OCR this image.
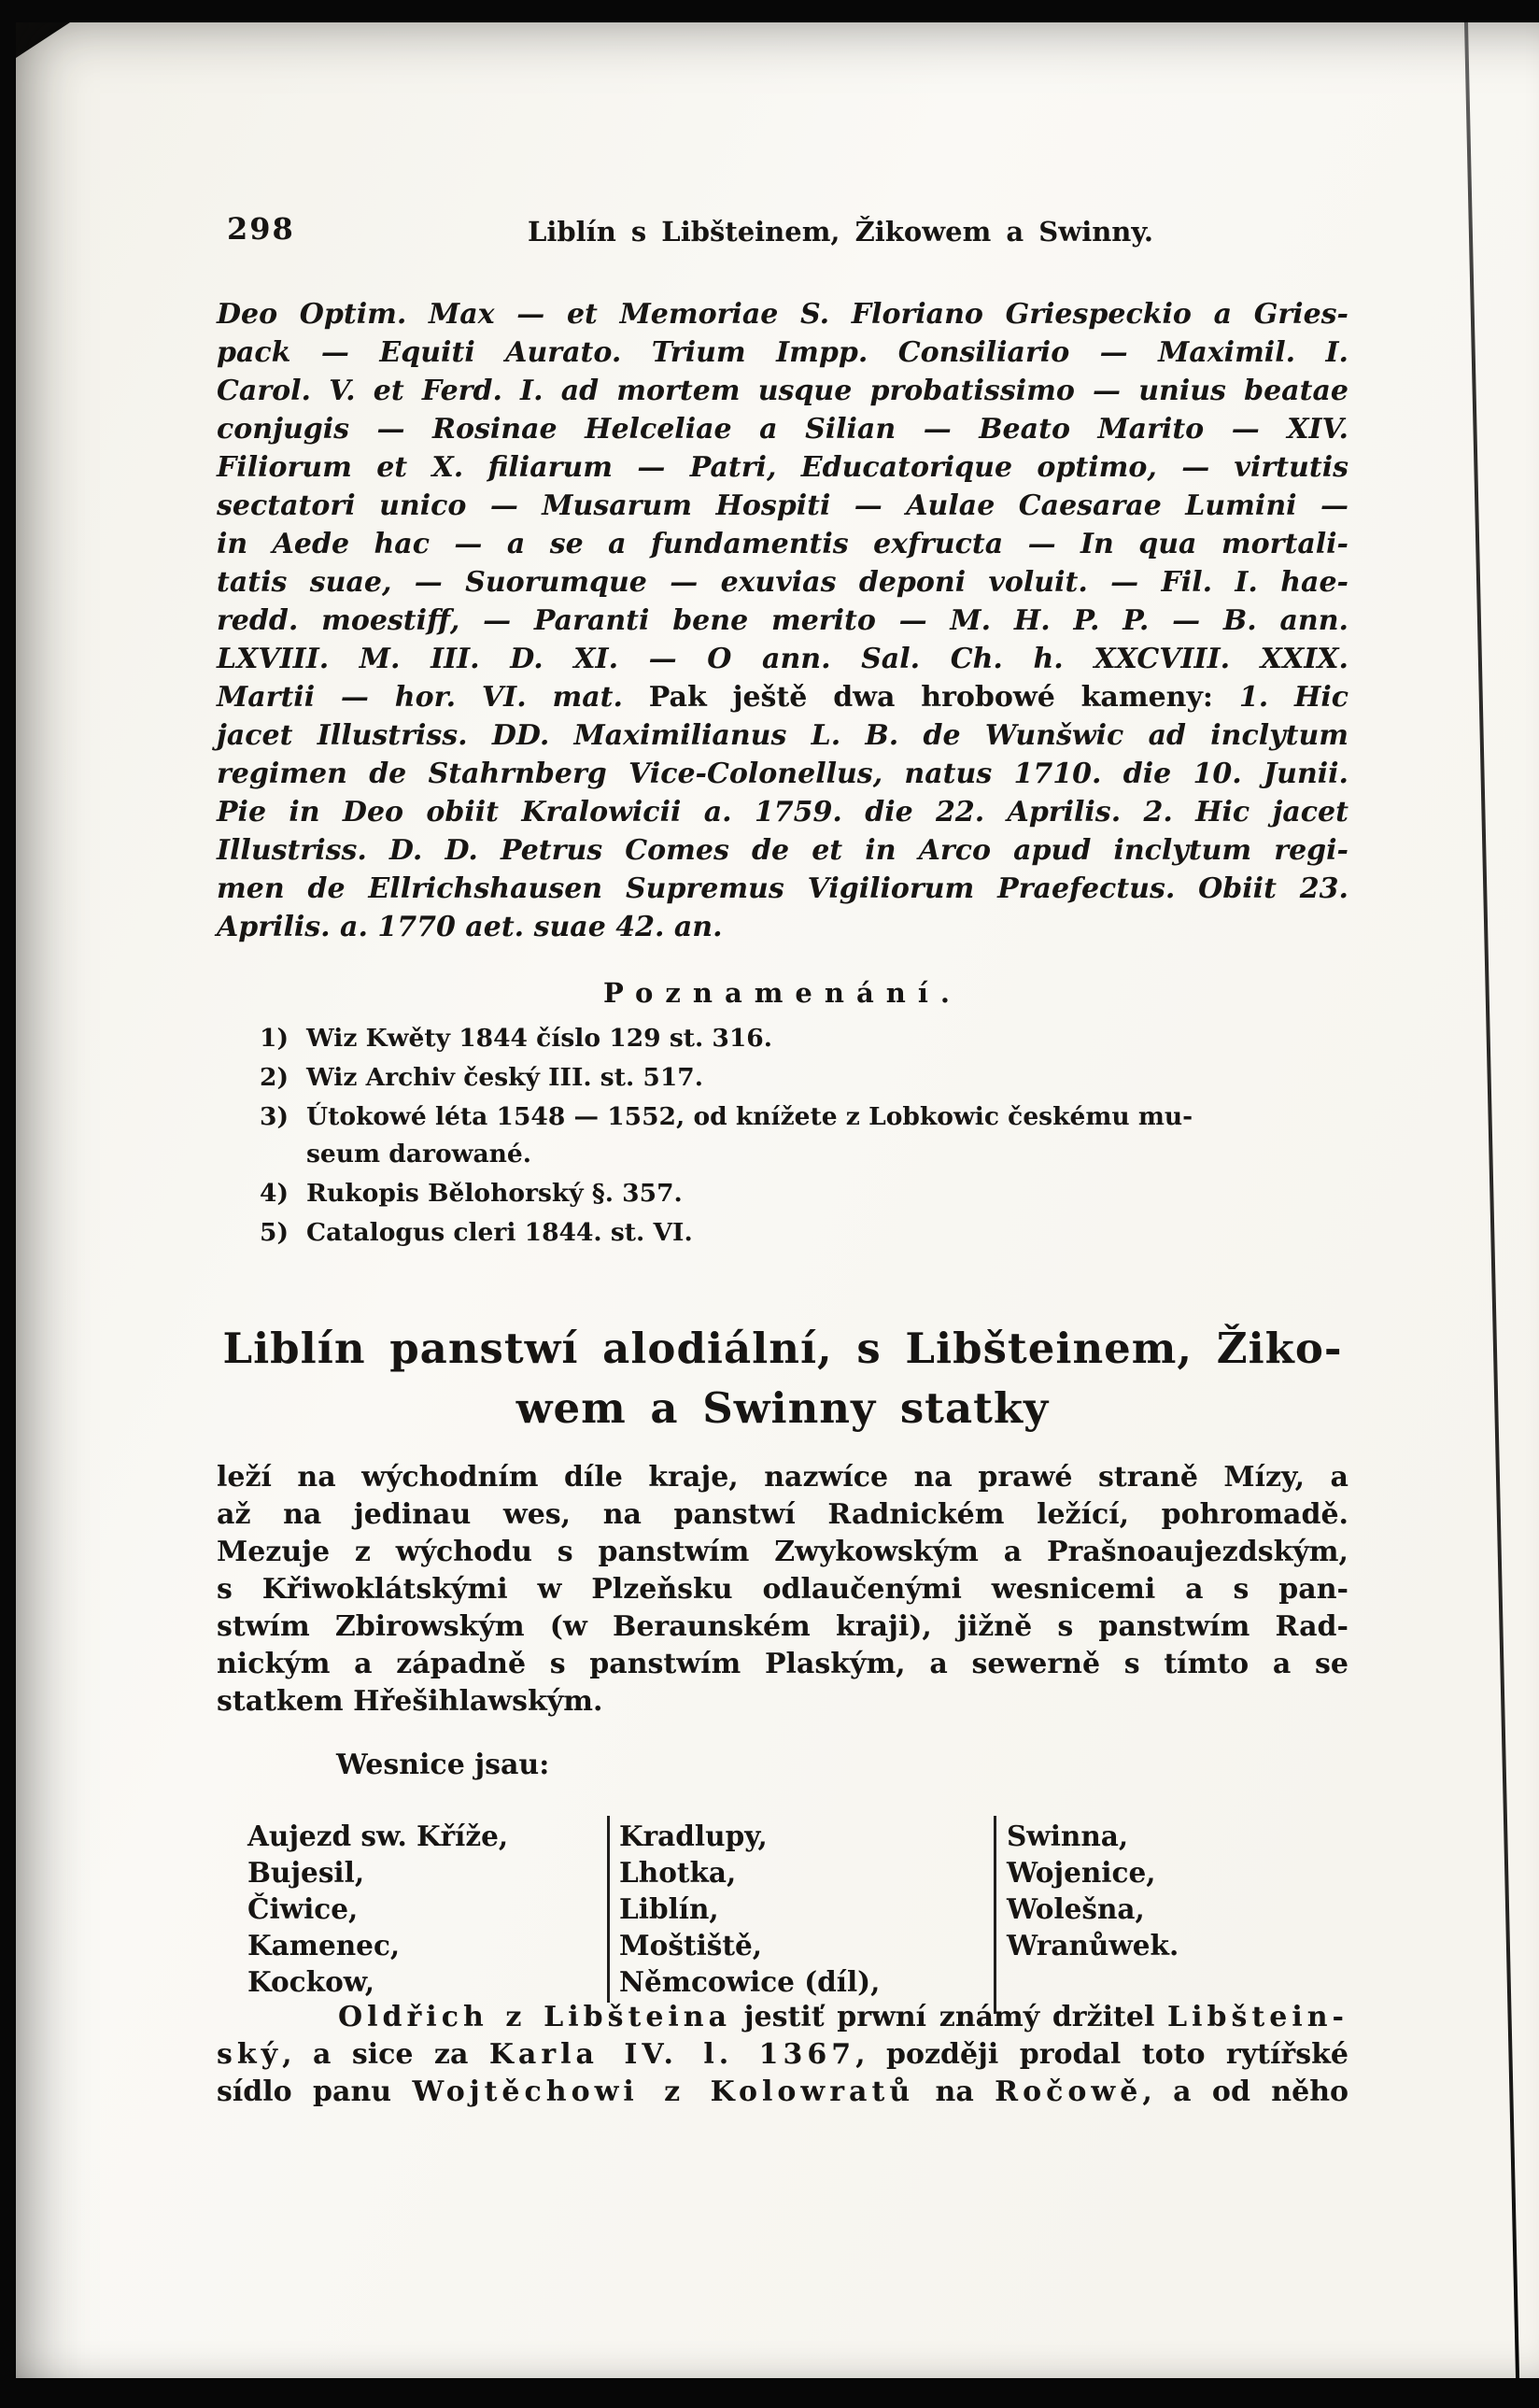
298	Liblín s Libšteinem, Žikowem a Swinny.
Deo Optim. Max — et Memoriae S. Floriano Griespeckio a Gries-
pack — Equiti Aurato. Trium Impp. Consiliario — Maximil. I.
Carol. V. et Ferd. I. ad mortem usque probatissimo — unius beatae
conjugis — Rosinae Helceliae a Silian — Beato Marito — XIV.
Filiorum et X. filiarum — Patri, Educatorique optimo, — virtutis
sectatori unico — Musarum Hospiti — Aulae Caesarae Lumini —
in Aede hac — a se a fundamentis exfructa — In qua mortali-
tatis suae, — Suorumque — exuvias deponi voluit. — Fil. I. hae-
redd. moestiff, — Paranti bene merito — M. H. P. P. — B. ann.
LXVIII. M. III. D. XI. — O ann. Sal. Ch. h. XXCVIII. XXIX.
Martii — hor. VI. mat. Pak ještě dwa hrobowé kameny: 1. Hic
jacet Illustriss. DD. Maximilianus L. B. de Wunšwic ad inclytum
regimen de Stahrnberg Vice-Colonellus, natus 1710. die 10. Junii.
Pie in Deo obiit Kralowicii a. 1759. die 22. Aprilis. 2. Hic jacet
Illustriss. D. D. Petrus Comes de et in Arco apud inclytum regi-
men de Ellrichshausen Supremus Vigiliorum Praefectus. Obiit 23.
Aprilis. a. 1770 aet. suae 42. an.
Poznamenání.
1) Wiz Kwěty 1844 číslo 129 st. 316.
2) Wiz Archiv český III. st. 517.
3) Útokowé léta 1548 — 1552, od knížete z Lobkowic českému mu-
seum darowané.
4) Rukopis Bělohorský §. 357.
5) Catalogus cleri 1844. st. VI.
Liblín panstwí alodiální, s Libšteinem, Žiko-
wem a Swinny statky
leží na wýchodním díle kraje, nazwíce na prawé straně Mízy, a
až na jedinau wes, na panstwí Radnickém ležící, pohromadě.
Mezuje z wýchodu s panstwím Zwykowským a Prašnoaujezdským,
s Křiwoklátskými w Plzeňsku odlaučenými wesnicemi a s pan-
stwím Zbirowským (w Beraunském kraji), jižně s panstwím Rad-
nickým a západně s panstwím Plaským, a sewerně s tímto a se
statkem Hřešihlawským.
Wesnice jsau:
Aujezd sw. Kříže,
Bujesil,
Čiwice,
Kamenec,
Kockow,
Kradlupy,
Lhotka,
Liblín,
Moštiště,
Němcowice (díl),
Swinna,
Wojenice,
Wolešna,
Wranůwek.
Oldřich z Libšteina jestiť prwní známý držitel Libštein-
ský, a sice za Karla IV. l. 1367, později prodal toto rytířské
sídlo panu Wojtěchowi z Kolowratů na Ročowě, a od něho
